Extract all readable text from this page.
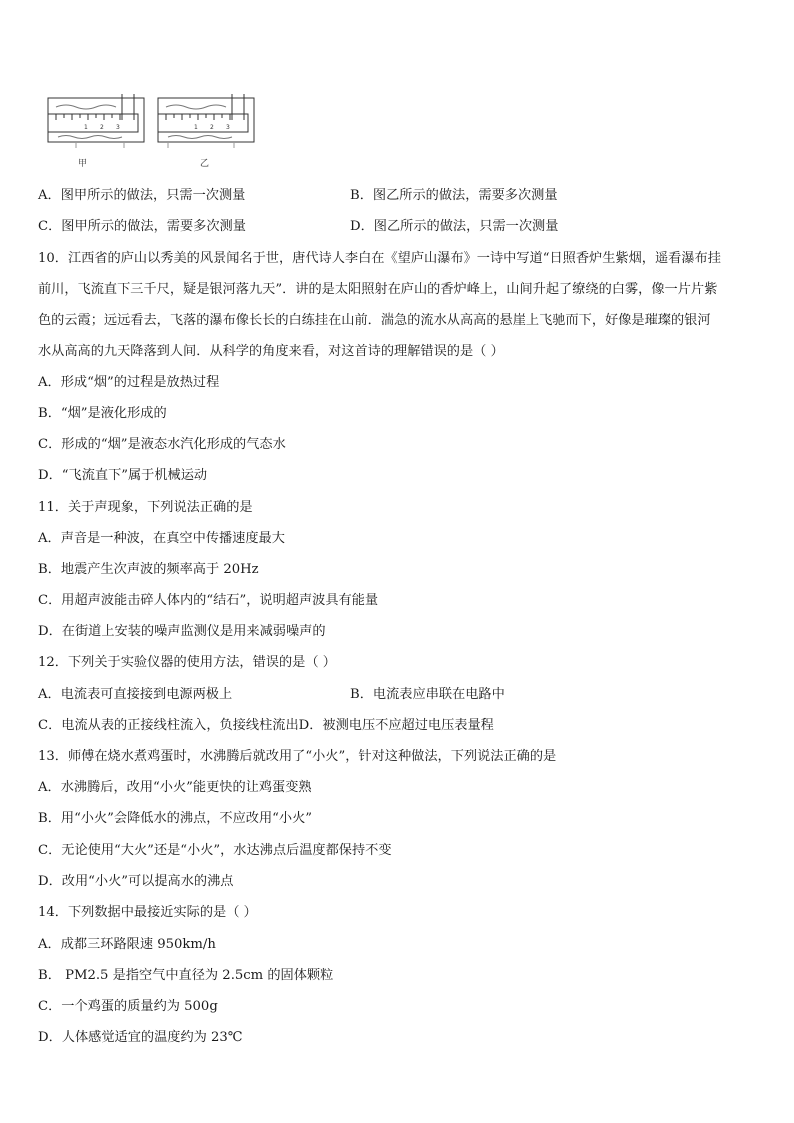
1 2 3
甲
1 2 3
乙
A．图甲所示的做法，只需一次测量	B．图乙所示的做法，需要多次测量
C．图甲所示的做法，需要多次测量	D．图乙所示的做法，只需一次测量
10．江西省的庐山以秀美的风景闻名于世，唐代诗人李白在《望庐山瀑布》一诗中写道“日照香炉生紫烟，遥看瀑布挂
前川，飞流直下三千尺，疑是银河落九天”．讲的是太阳照射在庐山的香炉峰上，山间升起了缭绕的白雾，像一片片紫
色的云霞；远远看去，飞落的瀑布像长长的白练挂在山前．湍急的流水从高高的悬崖上飞驰而下，好像是璀璨的银河
水从高高的九天降落到人间．从科学的角度来看，对这首诗的理解错误的是（ ）
A．形成“烟”的过程是放热过程
B．“烟”是液化形成的
C．形成的“烟”是液态水汽化形成的气态水
D．“飞流直下”属于机械运动
11．关于声现象，下列说法正确的是
A．声音是一种波，在真空中传播速度最大
B．地震产生次声波的频率高于 20Hz
C．用超声波能击碎人体内的“结石”，说明超声波具有能量
D．在街道上安装的噪声监测仪是用来减弱噪声的
12．下列关于实验仪器的使用方法，错误的是（ ）
A．电流表可直接接到电源两极上	B．电流表应串联在电路中
C．电流从表的正接线柱流入，负接线柱流出D．被测电压不应超过电压表量程
13．师傅在烧水煮鸡蛋时，水沸腾后就改用了“小火”，针对这种做法，下列说法正确的是
A．水沸腾后，改用“小火”能更快的让鸡蛋变熟
B．用“小火”会降低水的沸点，不应改用“小火”
C．无论使用“大火”还是“小火”，水达沸点后温度都保持不变
D．改用“小火”可以提高水的沸点
14．下列数据中最接近实际的是（ ）
A．成都三环路限速 950km/h
B． PM2.5 是指空气中直径为 2.5cm 的固体颗粒
C．一个鸡蛋的质量约为 500g
D．人体感觉适宜的温度约为 23℃
